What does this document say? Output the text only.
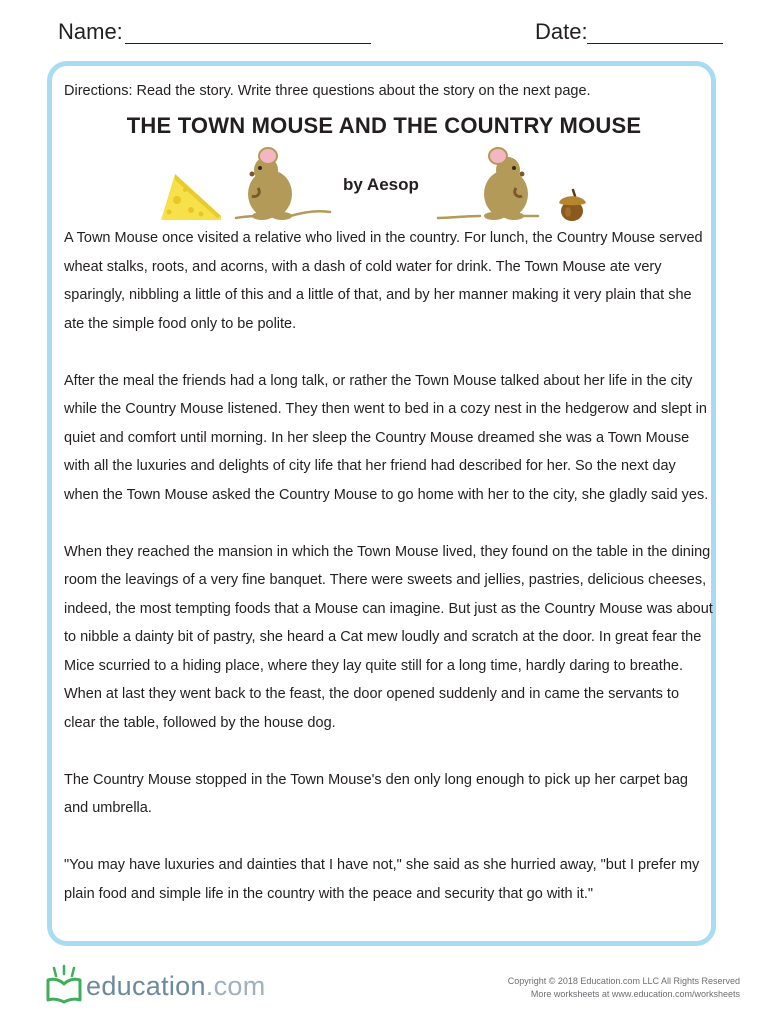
Name:	Date:
Directions: Read the story. Write three questions about the story on the next page.
THE TOWN MOUSE AND THE COUNTRY MOUSE
by Aesop

A Town Mouse once visited a relative who lived in the country. For lunch, the Country Mouse served wheat stalks, roots, and acorns, with a dash of cold water for drink. The Town Mouse ate very sparingly, nibbling a little of this and a little of that, and by her manner making it very plain that she ate the simple food only to be polite.

After the meal the friends had a long talk, or rather the Town Mouse talked about her life in the city while the Country Mouse listened. They then went to bed in a cozy nest in the hedgerow and slept in quiet and comfort until morning. In her sleep the Country Mouse dreamed she was a Town Mouse with all the luxuries and delights of city life that her friend had described for her. So the next day when the Town Mouse asked the Country Mouse to go home with her to the city, she gladly said yes.

When they reached the mansion in which the Town Mouse lived, they found on the table in the dining room the leavings of a very fine banquet. There were sweets and jellies, pastries, delicious cheeses, indeed, the most tempting foods that a Mouse can imagine. But just as the Country Mouse was about to nibble a dainty bit of pastry, she heard a Cat mew loudly and scratch at the door. In great fear the Mice scurried to a hiding place, where they lay quite still for a long time, hardly daring to breathe. When at last they went back to the feast, the door opened suddenly and in came the servants to clear the table, followed by the house dog.

The Country Mouse stopped in the Town Mouse's den only long enough to pick up her carpet bag and umbrella.

"You may have luxuries and dainties that I have not," she said as she hurried away, "but I prefer my plain food and simple life in the country with the peace and security that go with it."

education.com	Copyright © 2018 Education.com LLC All Rights Reserved
More worksheets at www.education.com/worksheets
